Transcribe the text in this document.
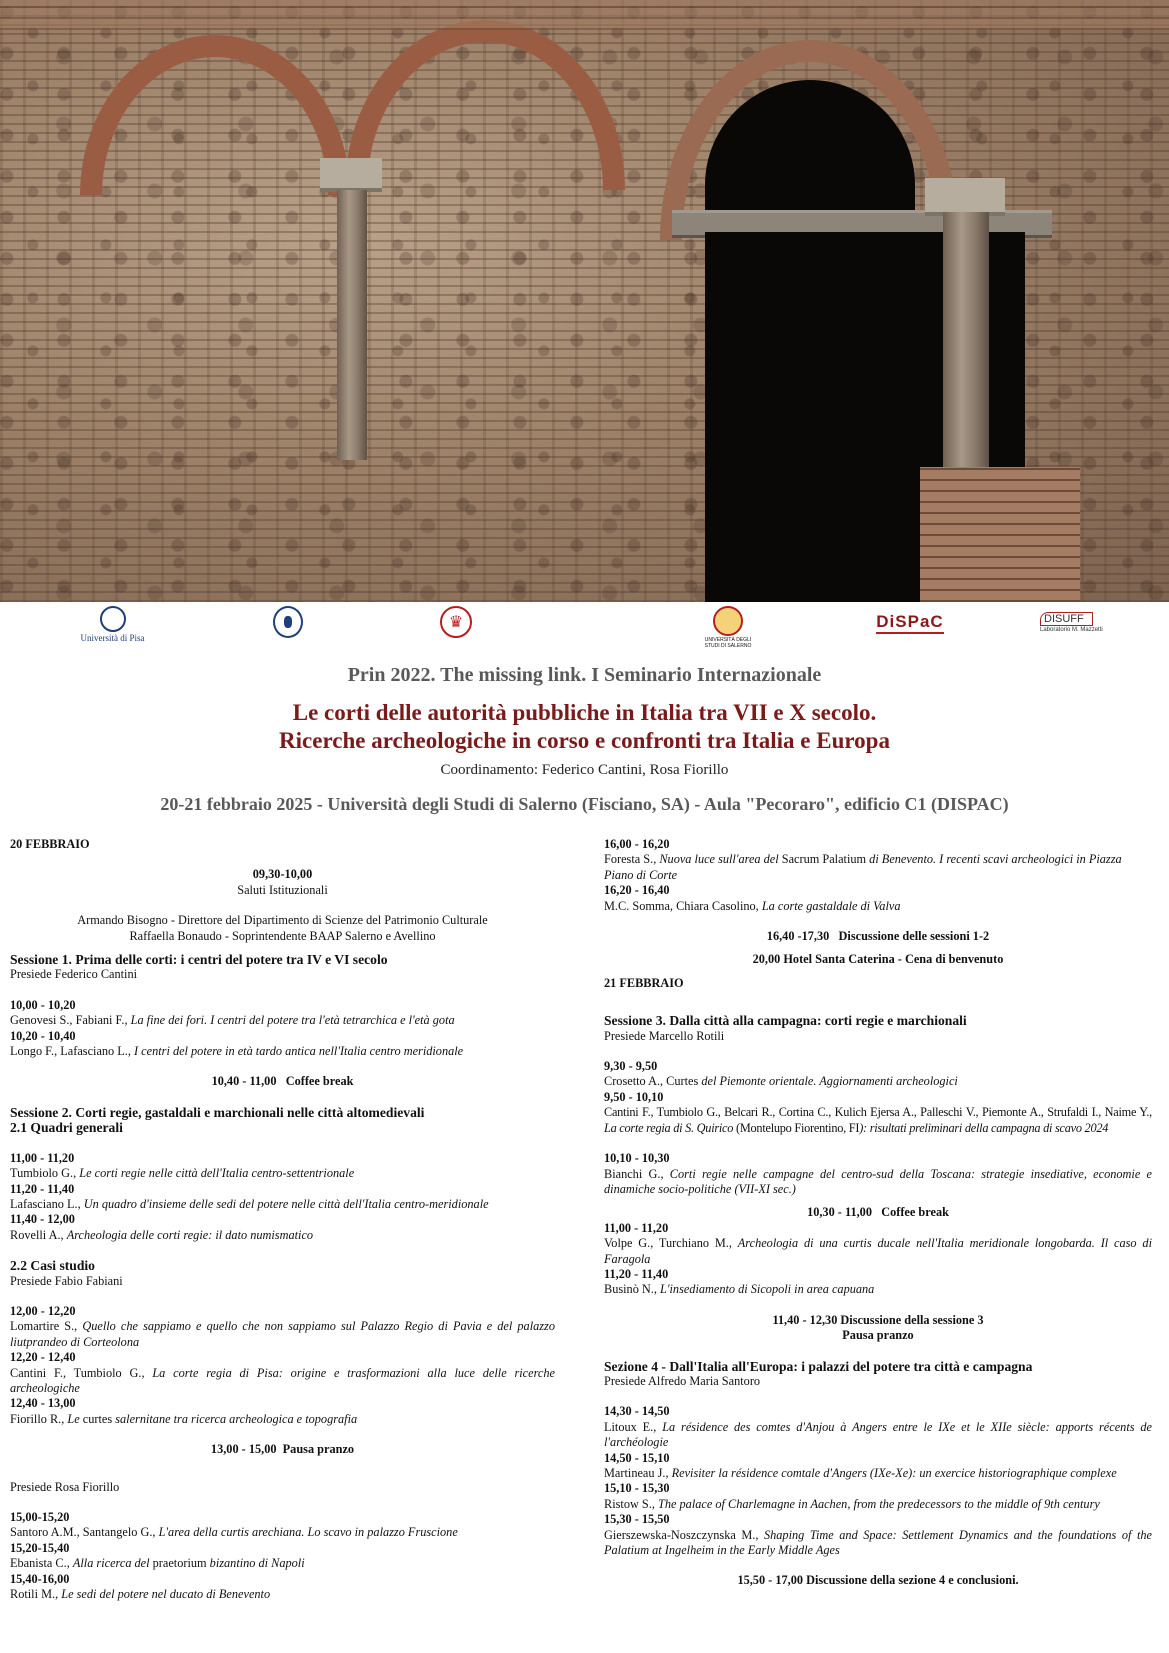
Università di Pisa
♛
UNIVERSITÀ DEGLI STUDI DI SALERNO
DiSPaC	DISUFF
Laboratorio M. Mazzetti
Prin 2022. The missing link. I Seminario Internazionale
Le corti delle autorità pubbliche in Italia tra VII e X secolo.
Ricerche archeologiche in corso e confronti tra Italia e Europa
Coordinamento: Federico Cantini, Rosa Fiorillo
20-21 febbraio 2025 - Università degli Studi di Salerno (Fisciano, SA) - Aula "Pecoraro", edificio C1 (DISPAC)
20 FEBBRAIO
09,30-10,00
Saluti Istituzionali
Armando Bisogno - Direttore del Dipartimento di Scienze del Patrimonio Culturale
Raffaella Bonaudo - Soprintendente BAAP Salerno e Avellino
Sessione 1. Prima delle corti: i centri del potere tra IV e VI secolo
Presiede Federico Cantini
10,00 - 10,20
Genovesi S., Fabiani F., La fine dei fori. I centri del potere tra l'età tetrarchica e l'età gota
10,20 - 10,40
Longo F., Lafasciano L., I centri del potere in età tardo antica nell'Italia centro meridionale
10,40 - 11,00 Coffee break
Sessione 2. Corti regie, gastaldali e marchionali nelle città altomedievali
2.1 Quadri generali
11,00 - 11,20
Tumbiolo G., Le corti regie nelle città dell'Italia centro-settentrionale
11,20 - 11,40
Lafasciano L., Un quadro d'insieme delle sedi del potere nelle città dell'Italia centro-meridionale
11,40 - 12,00
Rovelli A., Archeologia delle corti regie: il dato numismatico
2.2 Casi studio
Presiede Fabio Fabiani
12,00 - 12,20
Lomartire S., Quello che sappiamo e quello che non sappiamo sul Palazzo Regio di Pavia e del palazzo liutprandeo di Corteolona
12,20 - 12,40
Cantini F., Tumbiolo G., La corte regia di Pisa: origine e trasformazioni alla luce delle ricerche archeologiche
12,40 - 13,00
Fiorillo R., Le curtes salernitane tra ricerca archeologica e topografia
13,00 - 15,00 Pausa pranzo
Presiede Rosa Fiorillo
15,00-15,20
Santoro A.M., Santangelo G., L'area della curtis arechiana. Lo scavo in palazzo Fruscione
15,20-15,40
Ebanista C., Alla ricerca del praetorium bizantino di Napoli
15,40-16,00
Rotili M., Le sedi del potere nel ducato di Benevento
16,00 - 16,20
Foresta S., Nuova luce sull'area del Sacrum Palatium di Benevento. I recenti scavi archeologici in Piazza Piano di Corte
16,20 - 16,40
M.C. Somma, Chiara Casolino, La corte gastaldale di Valva
16,40 -17,30 Discussione delle sessioni 1-2
20,00 Hotel Santa Caterina - Cena di benvenuto
21 FEBBRAIO
Sessione 3. Dalla città alla campagna: corti regie e marchionali
Presiede Marcello Rotili
9,30 - 9,50
Crosetto A., Curtes del Piemonte orientale. Aggiornamenti archeologici
9,50 - 10,10
Cantini F., Tumbiolo G., Belcari R., Cortina C., Kulich Ejersa A., Palleschi V., Piemonte A., Strufaldi I., Naime Y., La corte regia di S. Quirico (Montelupo Fiorentino, FI): risultati preliminari della campagna di scavo 2024
10,10 - 10,30
Bianchi G., Corti regie nelle campagne del centro-sud della Toscana: strategie insediative, economie e dinamiche socio-politiche (VII-XI sec.)
10,30 - 11,00 Coffee break
11,00 - 11,20
Volpe G., Turchiano M., Archeologia di una curtis ducale nell'Italia meridionale longobarda. Il caso di Faragola
11,20 - 11,40
Businò N., L'insediamento di Sicopoli in area capuana
11,40 - 12,30 Discussione della sessione 3
Pausa pranzo
Sezione 4 - Dall'Italia all'Europa: i palazzi del potere tra città e campagna
Presiede Alfredo Maria Santoro
14,30 - 14,50
Litoux E., La résidence des comtes d'Anjou à Angers entre le IXe et le XIIe siècle: apports récents de l'archéologie
14,50 - 15,10
Martineau J., Revisiter la résidence comtale d'Angers (IXe-Xe): un exercice historiographique complexe
15,10 - 15,30
Ristow S., The palace of Charlemagne in Aachen, from the predecessors to the middle of 9th century
15,30 - 15,50
Gierszewska-Noszczynska M., Shaping Time and Space: Settlement Dynamics and the foundations of the Palatium at Ingelheim in the Early Middle Ages
15,50 - 17,00 Discussione della sezione 4 e conclusioni.
